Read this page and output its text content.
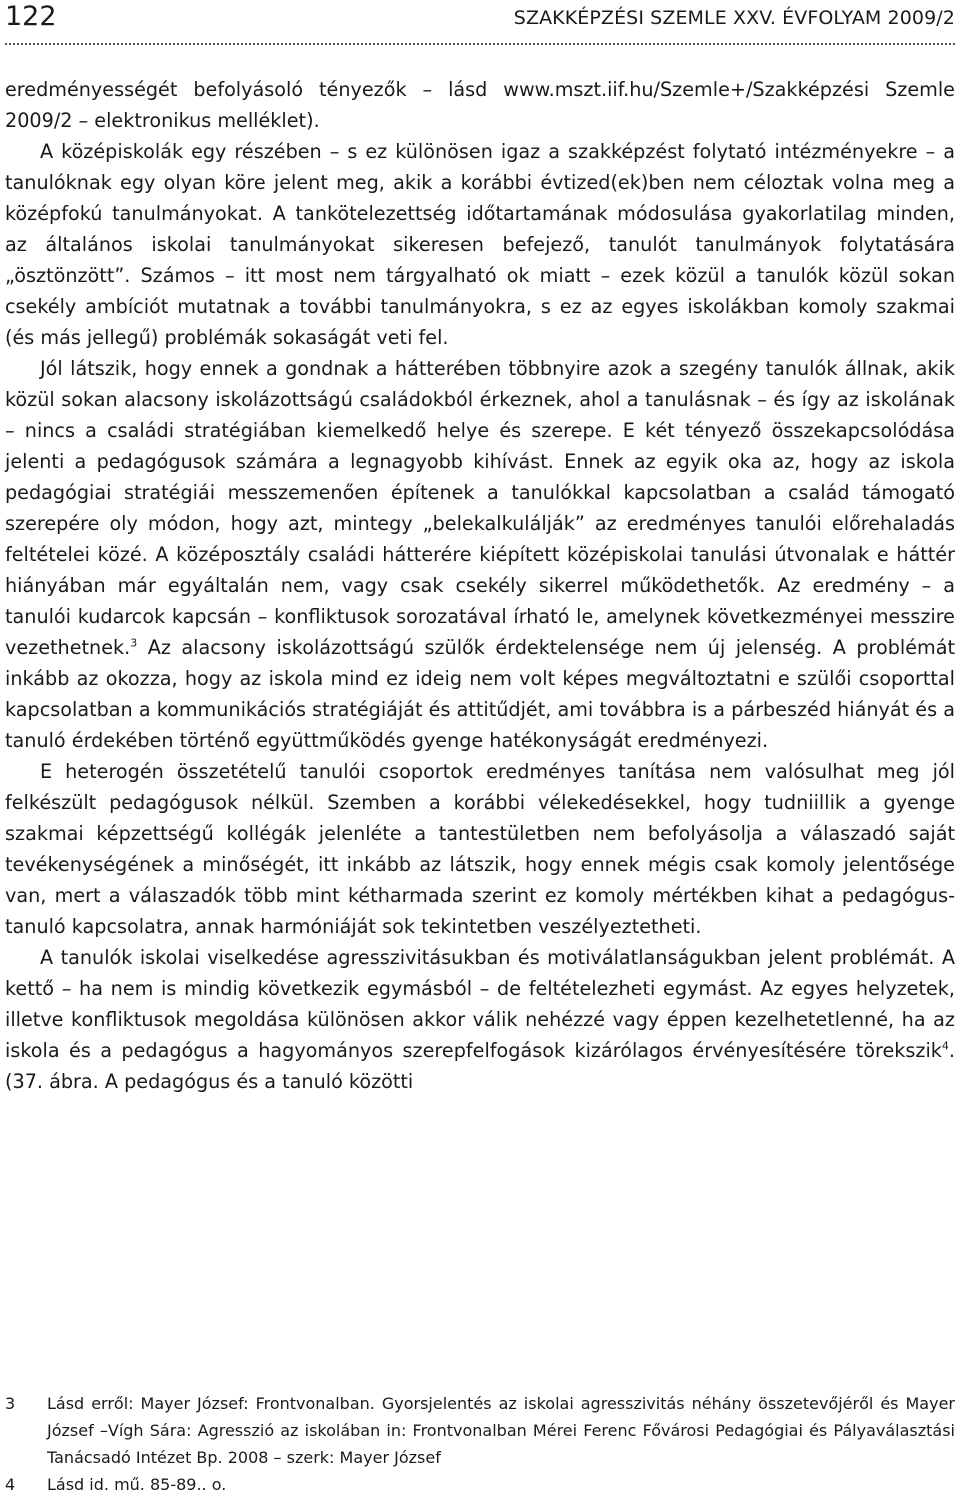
122	SZAKKÉPZÉSI SZEMLE XXV. ÉVFOLYAM 2009/2

eredményességét befolyásoló tényezők – lásd www.mszt.iif.hu/Szemle+/Szakképzési Szemle 2009/2 – elektronikus melléklet).

A középiskolák egy részében – s ez különösen igaz a szakképzést folytató intézményekre – a tanulóknak egy olyan köre jelent meg, akik a korábbi évtized(ek)ben nem céloztak volna meg a középfokú tanulmányokat. A tankötelezettség időtartamának módosulása gyakorlatilag minden, az általános iskolai tanulmányokat sikeresen befejező, tanulót tanulmányok folytatására „ösztönzött”. Számos – itt most nem tárgyalható ok miatt – ezek közül a tanulók közül sokan csekély ambíciót mutatnak a további tanulmányokra, s ez az egyes iskolákban komoly szakmai (és más jellegű) problémák sokaságát veti fel.

Jól látszik, hogy ennek a gondnak a hátterében többnyire azok a szegény tanulók állnak, akik közül sokan alacsony iskolázottságú családokból érkeznek, ahol a tanulásnak – és így az iskolának – nincs a családi stratégiában kiemelkedő helye és szerepe. E két tényező összekapcsolódása jelenti a pedagógusok számára a legnagyobb kihívást. Ennek az egyik oka az, hogy az iskola pedagógiai stratégiái messzemenően építenek a tanulókkal kapcsolatban a család támogató szerepére oly módon, hogy azt, mintegy „belekalkulálják” az eredményes tanulói előrehaladás feltételei közé. A középosztály családi hátterére kiépített középiskolai tanulási útvonalak e háttér hiányában már egyáltalán nem, vagy csak csekély sikerrel működethetők. Az eredmény – a tanulói kudarcok kapcsán – konfliktusok sorozatával írható le, amelynek következményei messzire vezethetnek.$^3$ Az alacsony iskolázottságú szülők érdektelensége nem új jelenség. A problémát inkább az okozza, hogy az iskola mind ez ideig nem volt képes megváltoztatni e szülői csoporttal kapcsolatban a kommunikációs stratégiáját és attitűdjét, ami továbbra is a párbeszéd hiányát és a tanuló érdekében történő együttműködés gyenge hatékonyságát eredményezi.

E heterogén összetételű tanulói csoportok eredményes tanítása nem valósulhat meg jól felkészült pedagógusok nélkül. Szemben a korábbi vélekedésekkel, hogy tudniillik a gyenge szakmai képzettségű kollégák jelenléte a tantestületben nem befolyásolja a válaszadó saját tevékenységének a minőségét, itt inkább az látszik, hogy ennek mégis csak komoly jelentősége van, mert a válaszadók több mint kétharmada szerint ez komoly mértékben kihat a pedagógus-tanuló kapcsolatra, annak harmóniáját sok tekintetben veszélyeztetheti.

A tanulók iskolai viselkedése agresszivitásukban és motiválatlanságukban jelent problémát. A kettő – ha nem is mindig következik egymásból – de feltételezheti egymást. Az egyes helyzetek, illetve konfliktusok megoldása különösen akkor válik nehézzé vagy éppen kezelhetetlenné, ha az iskola és a pedagógus a hagyományos szerepfelfogások kizárólagos érvényesítésére törekszik$^4$. (37. ábra. A pedagógus és a tanuló közötti

3	Lásd erről: Mayer József: Frontvonalban. Gyorsjelentés az iskolai agresszivitás néhány összetevőjéről és Mayer József –Vígh Sára: Agresszió az iskolában in: Frontvonalban Mérei Ferenc Fővárosi Pedagógiai és Pályaválasztási Tanácsadó Intézet Bp. 2008 – szerk: Mayer József
4	Lásd id. mű. 85-89.. o.
